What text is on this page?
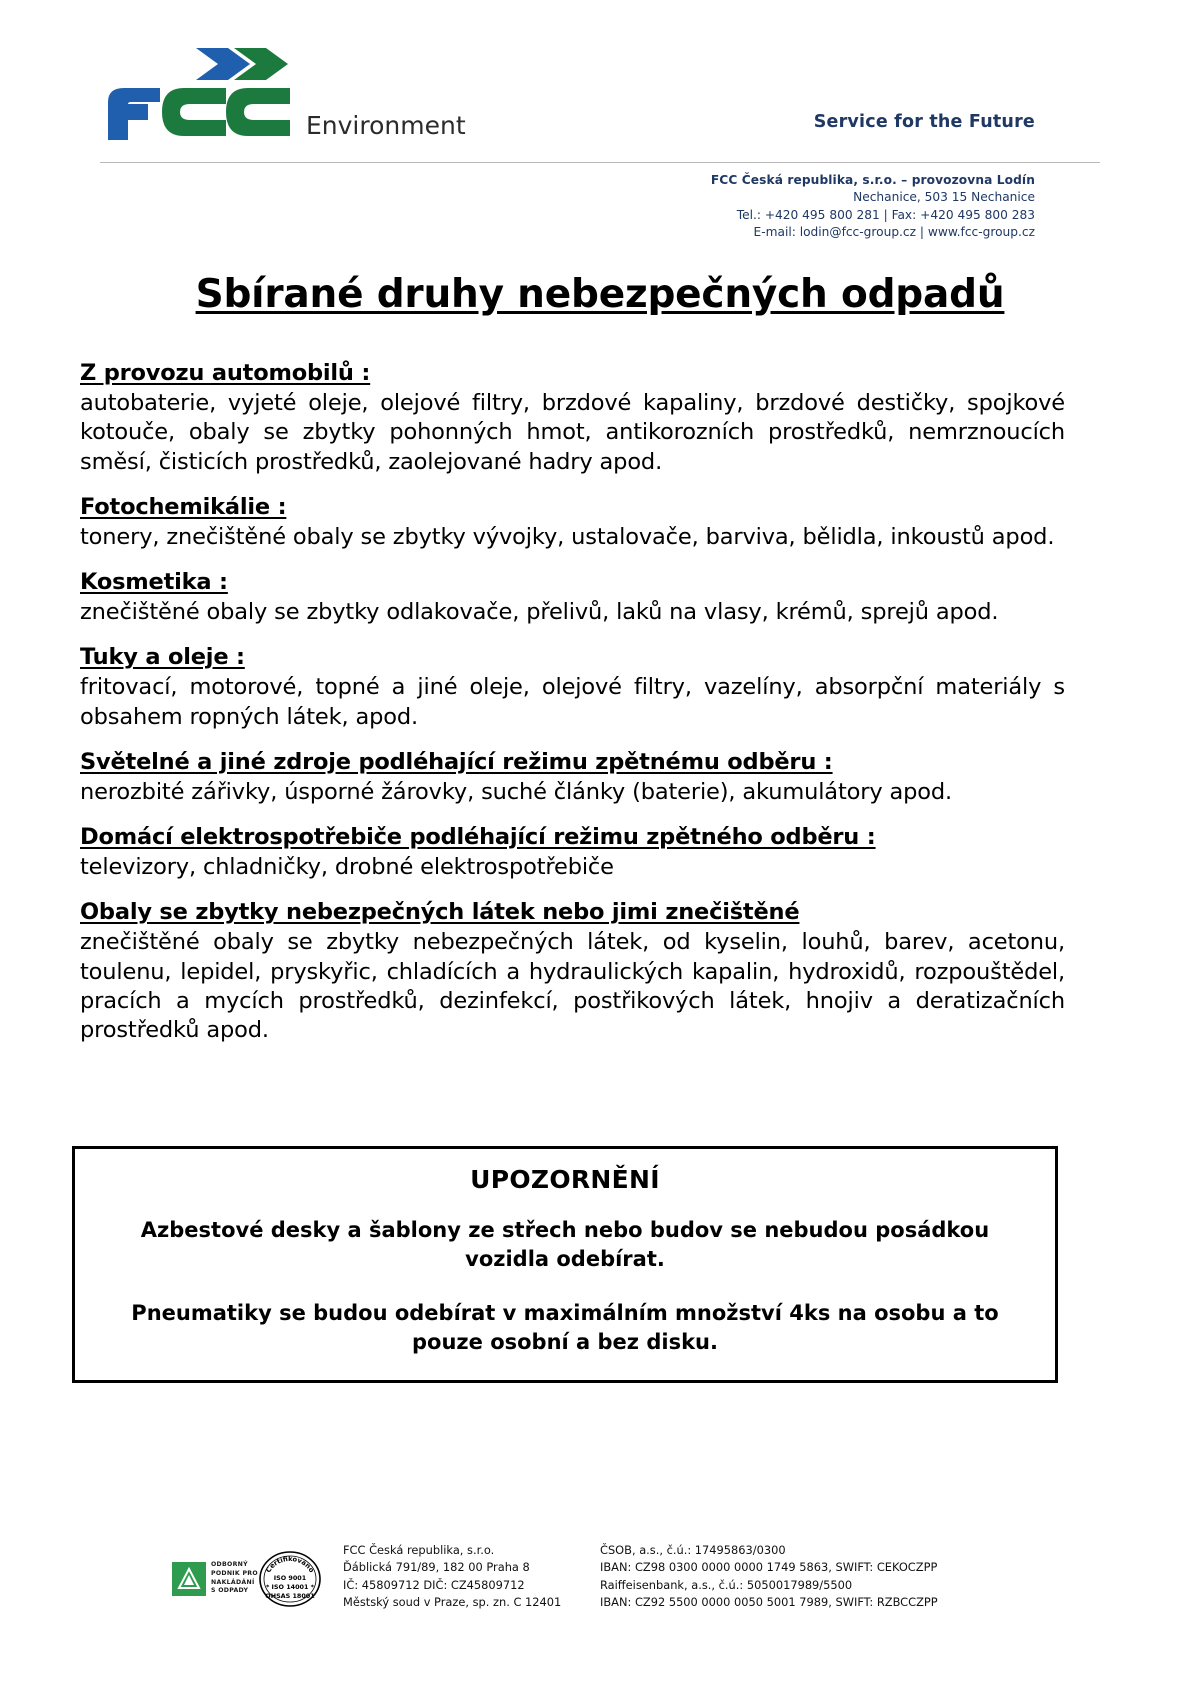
Environment	Service for the Future
FCC Česká republika, s.r.o. – provozovna Lodín
Nechanice, 503 15 Nechanice
Tel.: +420 495 800 281 | Fax: +420 495 800 283
E-mail: lodin@fcc-group.cz | www.fcc-group.cz
Sbírané druhy nebezpečných odpadů
Z provozu automobilů :

autobaterie, vyjeté oleje, olejové filtry, brzdové kapaliny, brzdové destičky, spojkové kotouče, obaly se zbytky pohonných hmot, antikorozních prostředků, nemrznoucích směsí, čisticích prostředků, zaolejované hadry apod.

Fotochemikálie :

tonery, znečištěné obaly se zbytky vývojky, ustalovače, barviva, bělidla, inkoustů apod.

Kosmetika :

znečištěné obaly se zbytky odlakovače, přelivů, laků na vlasy, krémů, sprejů apod.

Tuky a oleje :

fritovací, motorové, topné a jiné oleje, olejové filtry, vazelíny, absorpční materiály s obsahem ropných látek, apod.

Světelné a jiné zdroje podléhající režimu zpětnému odběru :

nerozbité zářivky, úsporné žárovky, suché články (baterie), akumulátory apod.

Domácí elektrospotřebiče podléhající režimu zpětného odběru :

televizory, chladničky, drobné elektrospotřebiče

Obaly se zbytky nebezpečných látek nebo jimi znečištěné

znečištěné obaly se zbytky nebezpečných látek, od kyselin, louhů, barev, acetonu, toulenu, lepidel, pryskyřic, chladících a hydraulických kapalin, hydroxidů, rozpouštědel, pracích a mycích prostředků, dezinfekcí, postřikových látek, hnojiv a deratizačních prostředků apod.

UPOZORNĚNÍ

Azbestové desky a šablony ze střech nebo budov se nebudou posádkou vozidla odebírat.

Pneumatiky se budou odebírat v maximálním množství 4ks na osobu a to pouze osobní a bez disku.

ODBORNÝ
PODNIK PRO
NAKLÁDÁNÍ
S ODPADY
Certifikováno
ISO 9001
* ISO 14001 *
OHSAS 18001
FCC Česká republika, s.r.o.
Ďáblická 791/89, 182 00 Praha 8
IČ: 45809712 DIČ: CZ45809712
Městský soud v Praze, sp. zn. C 12401
ČSOB, a.s., č.ú.: 17495863/0300
IBAN: CZ98 0300 0000 0000 1749 5863, SWIFT: CEKOCZPP
Raiffeisenbank, a.s., č.ú.: 5050017989/5500
IBAN: CZ92 5500 0000 0050 5001 7989, SWIFT: RZBCCZPP
